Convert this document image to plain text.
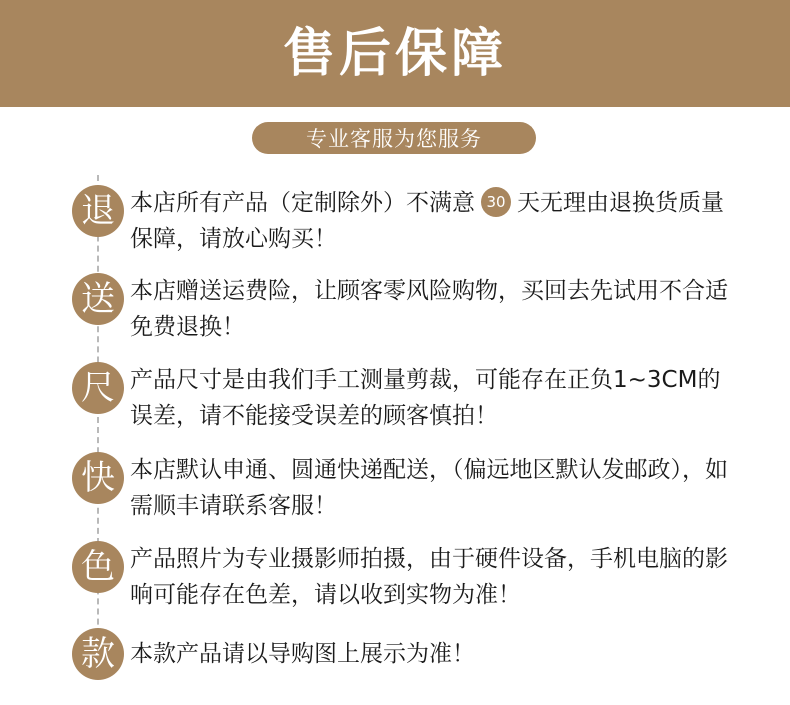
售后保障
专业客服为您服务
退 本店所有产品（定制除外）不满意 30 天无理由退换货质量保障，请放心购买！
送 本店赠送运费险，让顾客零风险购物，买回去先试用不合适免费退换！
尺 产品尺寸是由我们手工测量剪裁，可能存在正负1~3CM的误差，请不能接受误差的顾客慎拍！
快 本店默认申通、圆通快递配送，（偏远地区默认发邮政），如需顺丰请联系客服！
色 产品照片为专业摄影师拍摄，由于硬件设备，手机电脑的影响可能存在色差，请以收到实物为准！
款 本款产品请以导购图上展示为准！
